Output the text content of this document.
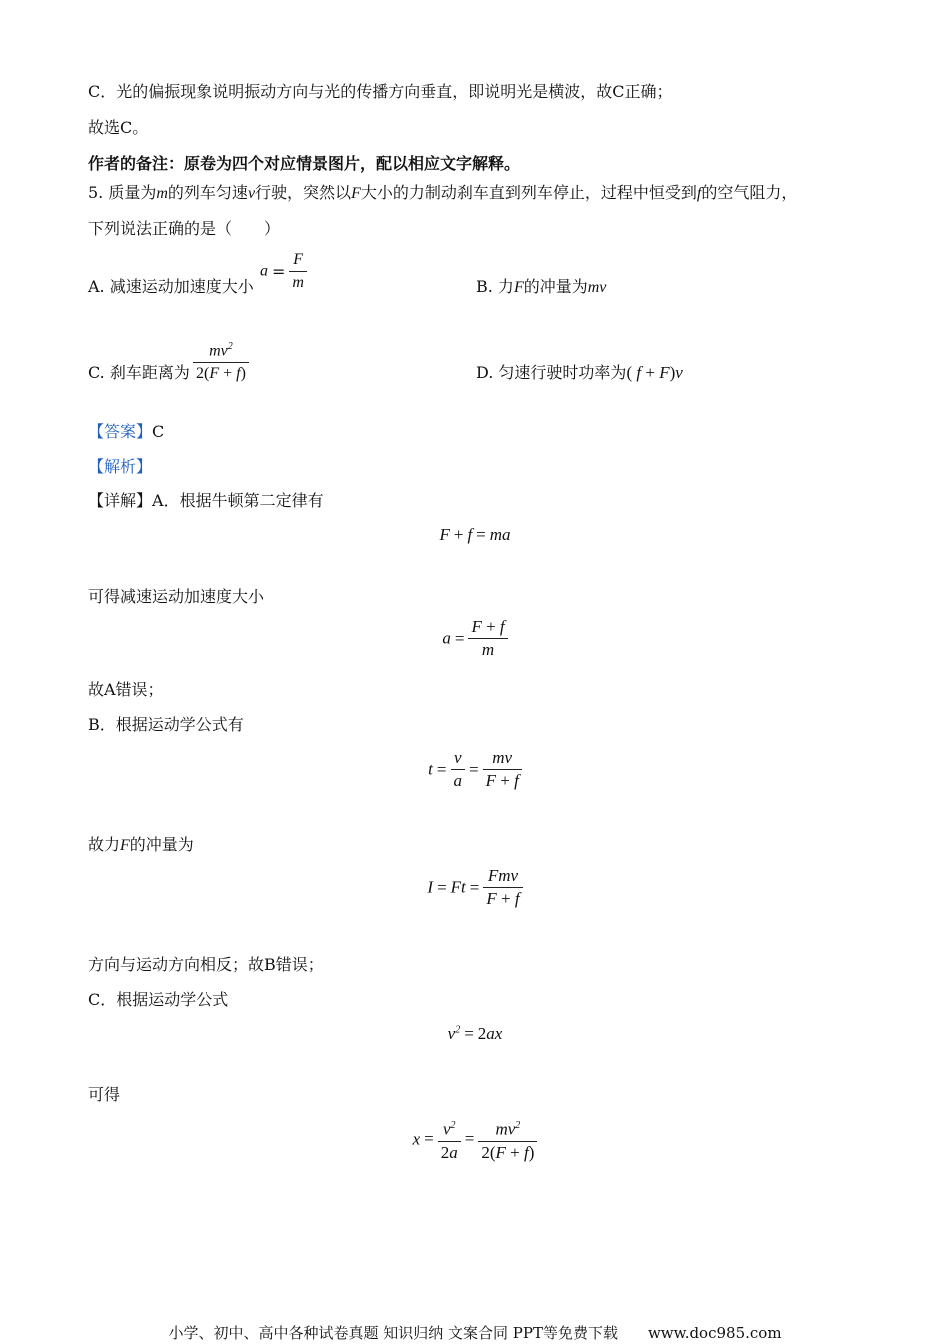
C．光的偏振现象说明振动方向与光的传播方向垂直，即说明光是横波，故C正确；
故选C。
作者的备注：原卷为四个对应情景图片，配以相应文字解释。
5. 质量为m的列车匀速v行驶，突然以F大小的力制动刹车直到列车停止，过程中恒受到f的空气阻力，
下列说法正确的是（　　）
A. 减速运动加速度大小
$a = \frac{F}{m}$	B. 力F的冲量为mv
C. 刹车距离为 $\frac{mv^2}{2(F + f)}$	D. 匀速行驶时功率为( f + F)v
【答案】C
【解析】
【详解】A．根据牛顿第二定律有
F + f = ma
可得减速运动加速度大小
$a = \frac{F + f}{m}$
故A错误；
B．根据运动学公式有
$t = \frac{v}{a} = \frac{mv}{F + f}$
故力F的冲量为
$I = Ft = \frac{\text{Fmv}}{F + f}$
方向与运动方向相反；故B错误；
C．根据运动学公式
$v^2 = 2ax$
可得
$x = \frac{v^2}{2a} = \frac{mv^2}{2(F + f)}$
小学、初中、高中各种试卷真题 知识归纳 文案合同 PPT等免费下载　　www.doc985.com
